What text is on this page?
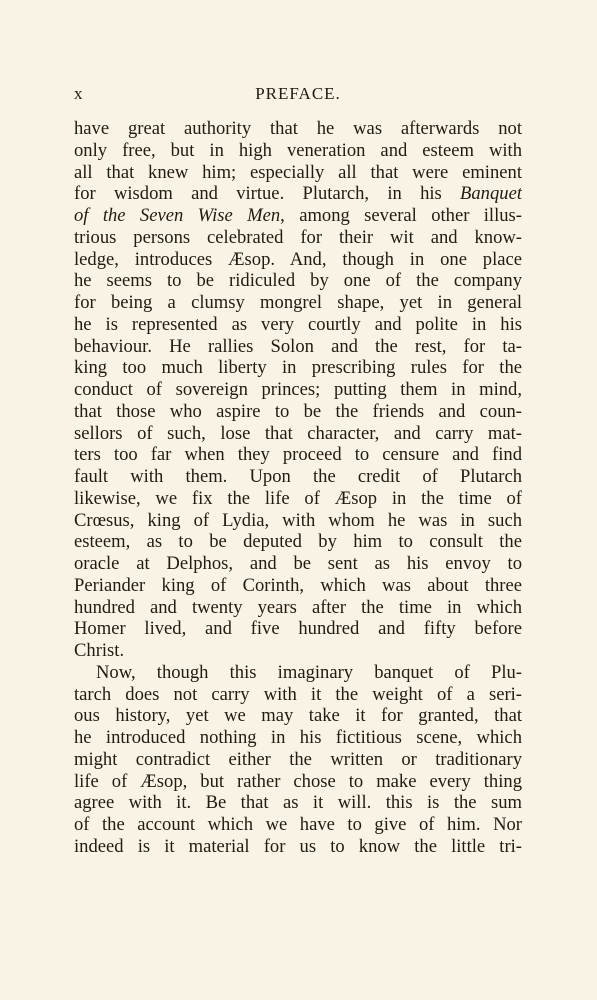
x	PREFACE.
have great authority that he was afterwards not
only free, but in high veneration and esteem with
all that knew him; especially all that were eminent
for wisdom and virtue. Plutarch, in his Banquet
of the Seven Wise Men, among several other illus-
trious persons celebrated for their wit and know-
ledge, introduces Æsop. And, though in one place
he seems to be ridiculed by one of the company
for being a clumsy mongrel shape, yet in general
he is represented as very courtly and polite in his
behaviour. He rallies Solon and the rest, for ta-
king too much liberty in prescribing rules for the
conduct of sovereign princes; putting them in mind,
that those who aspire to be the friends and coun-
sellors of such, lose that character, and carry mat-
ters too far when they proceed to censure and find
fault with them. Upon the credit of Plutarch
likewise, we fix the life of Æsop in the time of
Crœsus, king of Lydia, with whom he was in such
esteem, as to be deputed by him to consult the
oracle at Delphos, and be sent as his envoy to
Periander king of Corinth, which was about three
hundred and twenty years after the time in which
Homer lived, and five hundred and fifty before
Christ.
Now, though this imaginary banquet of Plu-
tarch does not carry with it the weight of a seri-
ous history, yet we may take it for granted, that
he introduced nothing in his fictitious scene, which
might contradict either the written or traditionary
life of Æsop, but rather chose to make every thing
agree with it. Be that as it will. this is the sum
of the account which we have to give of him. Nor
indeed is it material for us to know the little tri-
